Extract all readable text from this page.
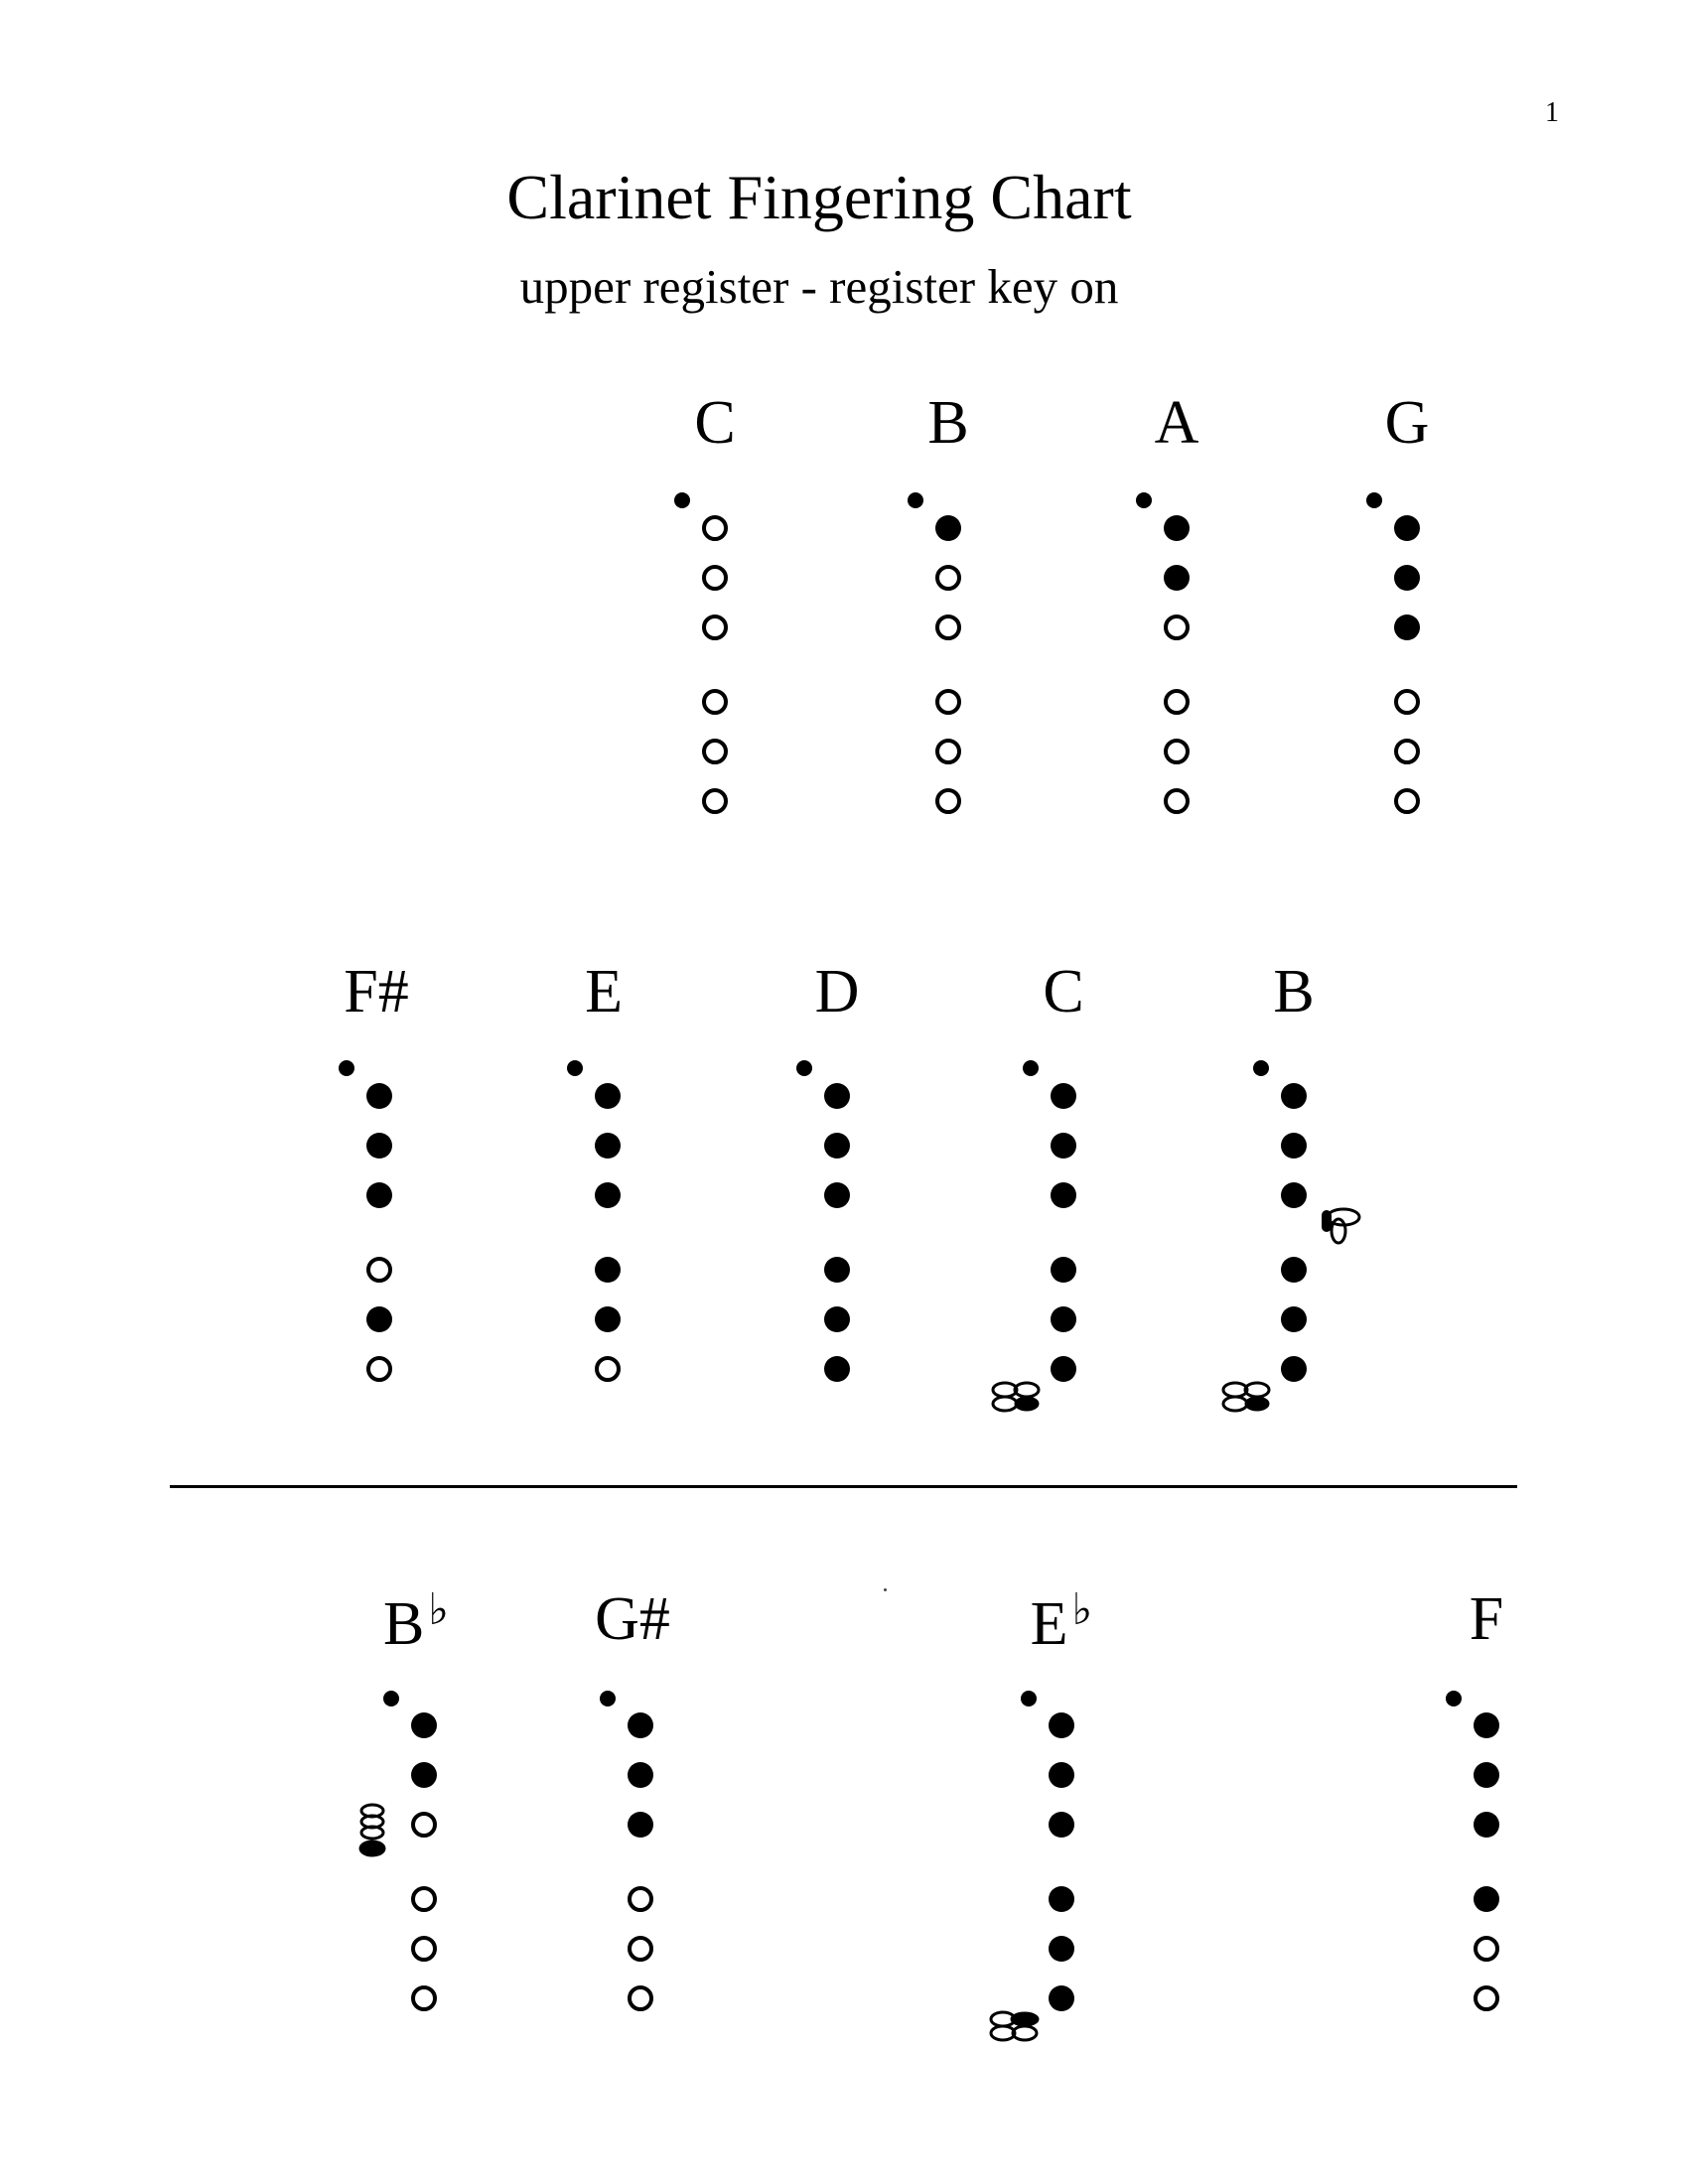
1
Clarinet Fingering Chart
upper register - register key on
C	B	A	G
F#	E	D	C	B
B♭	G#	E♭	F
